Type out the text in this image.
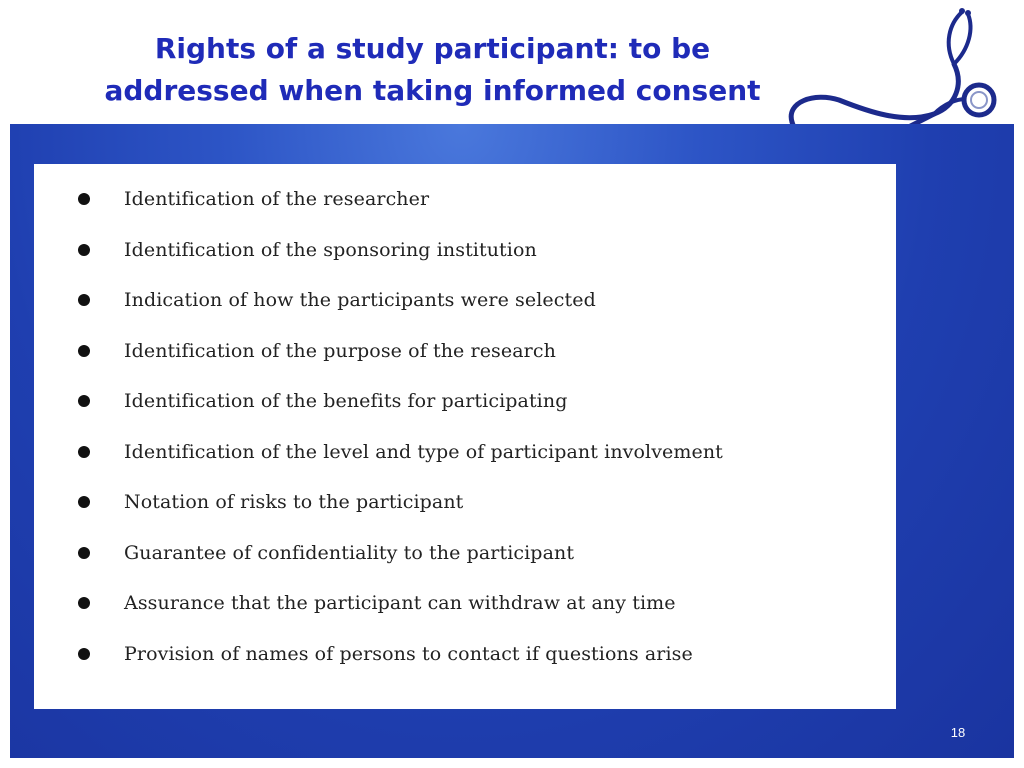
Rights of a study participant: to be
addressed when taking informed consent
18
Identification of the researcher
Identification of the sponsoring institution
Indication of how the participants were selected
Identification of the purpose of the research
Identification of the benefits for participating
Identification of the level and type of participant involvement
Notation of risks to the participant
Guarantee of confidentiality to the participant
Assurance that the participant can withdraw at any time
Provision of names of persons to contact if questions arise
